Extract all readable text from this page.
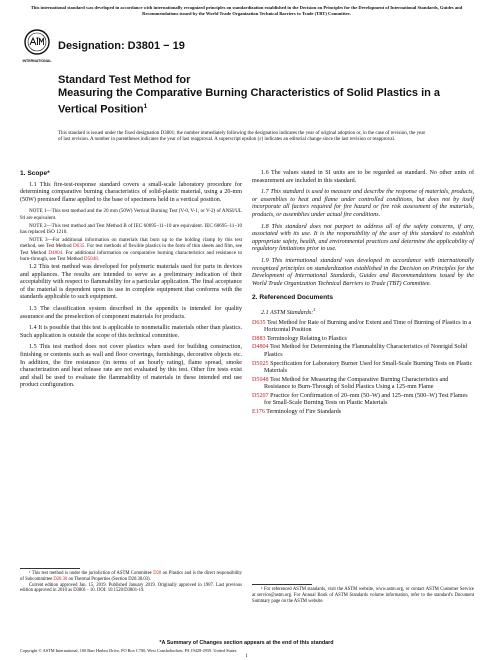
This international standard was developed in accordance with internationally recognized principles on standardization established in the Decision on Principles for the Development of International Standards, Guides and Recommendations issued by the World Trade Organization Technical Barriers to Trade (TBT) Committee.
INTERNATIONAL
Designation: D3801 − 19
Standard Test Method for
Measuring the Comparative Burning Characteristics of Solid Plastics in a Vertical Position$^1$
This standard is issued under the fixed designation D3801; the number immediately following the designation indicates the year of original adoption or, in the case of revision, the year of last revision. A number in parentheses indicates the year of last reapproval. A superscript epsilon (ε) indicates an editorial change since the last revision or reapproval.
1. Scope*

1.1 This fire-test-response standard covers a small-scale laboratory procedure for determining comparative burning characteristics of solid-plastic material, using a 20-mm (50W) premixed flame applied to the base of specimens held in a vertical position.

NOTE 1—This test method and the 20 mm (50W) Vertical Burning Test (V-0, V-1, or V-2) of ANSI/UL 94 are equivalent.
NOTE 2—This test method and Test Method B of IEC 60695–11–10 are equivalent. IEC 60695–11–10 has replaced ISO 1210.
NOTE 3—For additional information on materials that burn up to the holding clamp by this test method, see Test Method D635. For test methods of flexible plastics in the form of thin sheets and film, see Test Method D4804. For additional information on comparative burning characteristics and resistance to burn-through, see Test Method D5048.

1.2 This test method was developed for polymeric materials used for parts in devices and appliances. The results are intended to serve as a preliminary indication of their acceptability with respect to flammability for a particular application. The final acceptance of the material is dependent upon its use in complete equipment that conforms with the standards applicable to such equipment.

1.3 The classification system described in the appendix is intended for quality assurance and the preselection of component materials for products.

1.4 It is possible that this test is applicable to nonmetallic materials other than plastics. Such application is outside the scope of this technical committee.

1.5 This test method does not cover plastics when used for building construction, finishing or contents such as wall and floor coverings, furnishings, decorative objects etc. In addition, the fire resistance (in terms of an hourly rating), flame spread, smoke characterization and heat release rate are not evaluated by this test. Other fire tests exist and shall be used to evaluate the flammability of materials in these intended end use product configuration.

¹ This test method is under the jurisdiction of ASTM Committee D20 on Plastics and is the direct responsibility of Subcommittee D20.30 on Thermal Properties (Section D20.30.03).
Current edition approved Jan. 15, 2019. Published January 2019. Originally approved in 1987. Last previous edition approved in 2010 as D3801 - 10. DOI: 10.1520/D3801-19.

1.6 The values stated in SI units are to be regarded as standard. No other units of measurement are included in this standard.

1.7 This standard is used to measure and describe the response of materials, products, or assemblies to heat and flame under controlled conditions, but does not by itself incorporate all factors required for fire hazard or fire risk assessment of the materials, products, or assemblies under actual fire conditions.

1.8 This standard does not purport to address all of the safety concerns, if any, associated with its use. It is the responsibility of the user of this standard to establish appropriate safety, health, and environmental practices and determine the applicability of regulatory limitations prior to use.

1.9 This international standard was developed in accordance with internationally recognized principles on standardization established in the Decision on Principles for the Development of International Standards, Guides and Recommendations issued by the World Trade Organization Technical Barriers to Trade (TBT) Committee.

2. Referenced Documents
2.1 ASTM Standards:$^2$
D635 Test Method for Rate of Burning and/or Extent and Time of Burning of Plastics in a Horizontal Position
D883 Terminology Relating to Plastics
D4804 Test Method for Determining the Flammability Characteristics of Nonrigid Solid Plastics
D5025 Specification for Laboratory Burner Used for Small-Scale Burning Tests on Plastic Materials
D5048 Test Method for Measuring the Comparative Burning Characteristics and Resistance to Burn-Through of Solid Plastics Using a 125-mm Flame
D5207 Practice for Confirmation of 20–mm (50–W) and 125–mm (500–W) Test Flames for Small-Scale Burning Tests on Plastic Materials
E176 Terminology of Fire Standards
² For referenced ASTM standards, visit the ASTM website, www.astm.org, or contact ASTM Customer Service at service@astm.org. For Annual Book of ASTM Standards volume information, refer to the standard's Document Summary page on the ASTM website.
*A Summary of Changes section appears at the end of this standard
Copyright © ASTM International, 100 Barr Harbor Drive, PO Box C700, West Conshohocken, PA 19428-2959. United States
1
